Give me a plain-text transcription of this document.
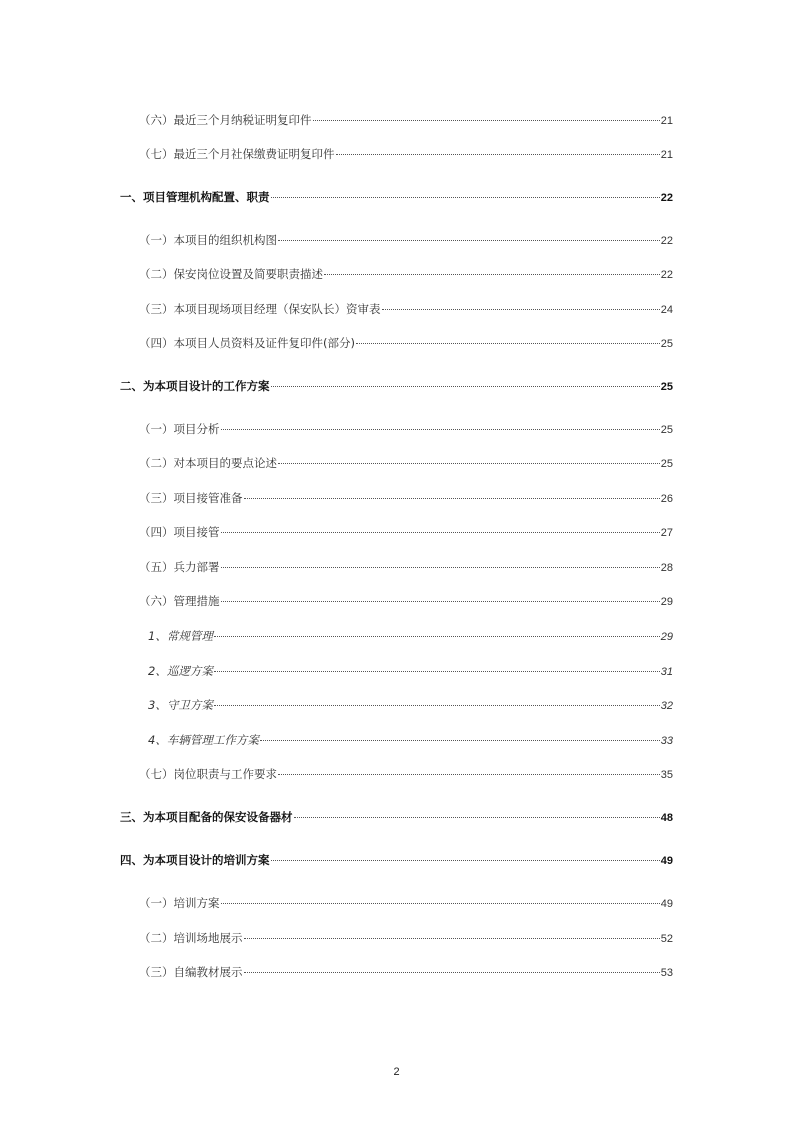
（六）最近三个月纳税证明复印件	21
（七）最近三个月社保缴费证明复印件	21
一、项目管理机构配置、职责	22
（一）本项目的组织机构图	22
（二）保安岗位设置及简要职责描述	22
（三）本项目现场项目经理（保安队长）资审表	24
（四）本项目人员资料及证件复印件(部分)	25
二、为本项目设计的工作方案	25
（一）项目分析	25
（二）对本项目的要点论述	25
（三）项目接管准备	26
（四）项目接管	27
（五）兵力部署	28
（六）管理措施	29
1、常规管理	29
2、巡逻方案	31
3、守卫方案	32
4、车辆管理工作方案	33
（七）岗位职责与工作要求	35
三、为本项目配备的保安设备器材	48
四、为本项目设计的培训方案	49
（一）培训方案	49
（二）培训场地展示	52
（三）自编教材展示	53
2
